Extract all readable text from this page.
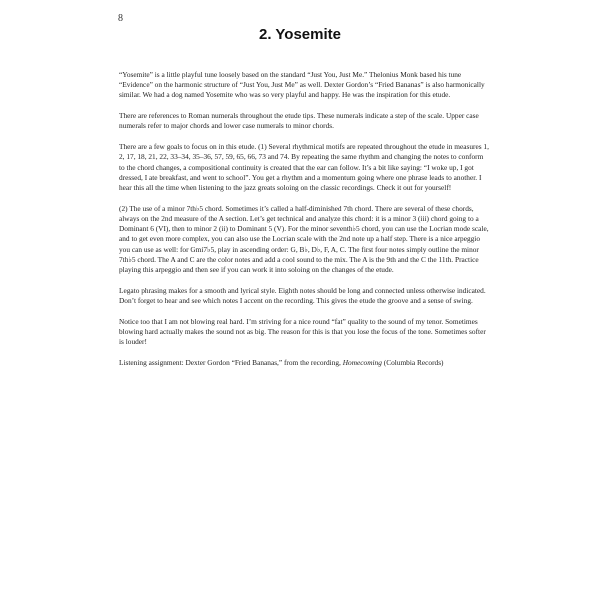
8
2. Yosemite

“Yosemite” is a little playful tune loosely based on the standard “Just You, Just Me.” Thelonius Monk based his tune “Evidence” on the harmonic structure of “Just You, Just Me” as well. Dexter Gordon’s “Fried Bananas” is also harmonically similar. We had a dog named Yosemite who was so very playful and happy. He was the inspiration for this etude.

There are references to Roman numerals throughout the etude tips. These numerals indicate a step of the scale. Upper case numerals refer to major chords and lower case numerals to minor chords.

There are a few goals to focus on in this etude. (1) Several rhythmical motifs are repeated throughout the etude in measures 1, 2, 17, 18, 21, 22, 33–34, 35–36, 57, 59, 65, 66, 73 and 74. By repeating the same rhythm and changing the notes to conform to the chord changes, a compositional continuity is created that the ear can follow. It’s a bit like saying: “I woke up, I got dressed, I ate breakfast, and went to school”. You get a rhythm and a momentum going where one phrase leads to another. I hear this all the time when listening to the jazz greats soloing on the classic recordings. Check it out for yourself!

(2) The use of a minor 7th♭5 chord. Sometimes it’s called a half-diminished 7th chord. There are several of these chords, always on the 2nd measure of the A section. Let’s get technical and analyze this chord: it is a minor 3 (iii) chord going to a Dominant 6 (VI), then to minor 2 (ii) to Dominant 5 (V). For the minor seventh♭5 chord, you can use the Locrian mode scale, and to get even more complex, you can also use the Locrian scale with the 2nd note up a half step. There is a nice arpeggio you can use as well: for Gmi7♭5, play in ascending order: G, B♭, D♭, F, A, C. The first four notes simply outline the minor 7th♭5 chord. The A and C are the color notes and add a cool sound to the mix. The A is the 9th and the C the 11th. Practice playing this arpeggio and then see if you can work it into soloing on the changes of the etude.

Legato phrasing makes for a smooth and lyrical style. Eighth notes should be long and connected unless otherwise indicated. Don’t forget to hear and see which notes I accent on the recording. This gives the etude the groove and a sense of swing.

Notice too that I am not blowing real hard. I’m striving for a nice round “fat” quality to the sound of my tenor. Sometimes blowing hard actually makes the sound not as big. The reason for this is that you lose the focus of the tone. Sometimes softer is louder!

Listening assignment: Dexter Gordon “Fried Bananas,” from the recording, Homecoming (Columbia Records)
